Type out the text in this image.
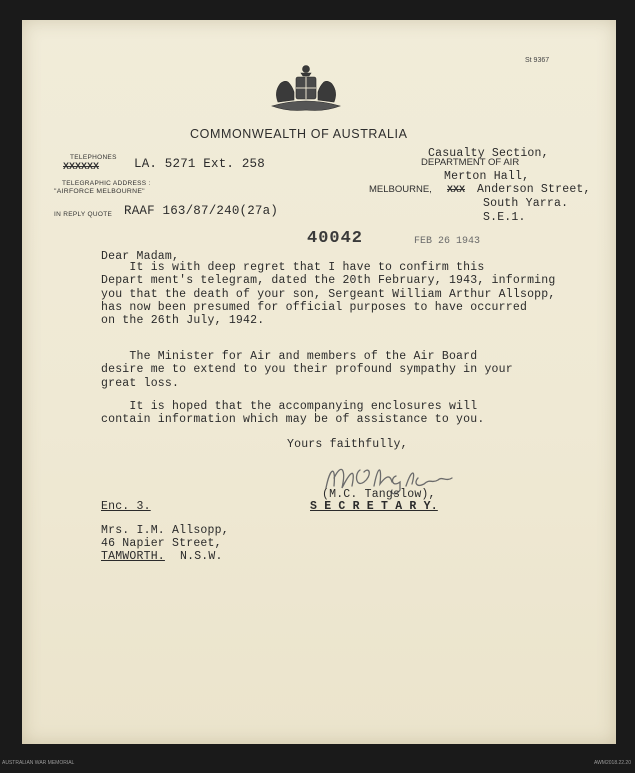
St 9367
COMMONWEALTH OF AUSTRALIA
TELEPHONES
XXXXXX	LA. 5271 Ext. 258
TELEGRAPHIC ADDRESS :
"AIRFORCE MELBOURNE"
IN REPLY QUOTE RAAF 163/87/240(27a)
Casualty Section,
DEPARTMENT OF AIR
Merton Hall,
MELBOURNE, XXX Anderson Street,
South Yarra.
S.E.1.
40042	FEB 26 1943
Dear Madam,
It is with deep regret that I have to confirm this
Depart ment's telegram, dated the 20th February, 1943, informing
you that the death of your son, Sergeant William Arthur Allsopp,
has now been presumed for official purposes to have occurred
on the 26th July, 1942.
The Minister for Air and members of the Air Board
desire me to extend to you their profound sympathy in your
great loss.
It is hoped that the accompanying enclosures will
contain information which may be of assistance to you.
Yours faithfully,
(M.C. Tangslow),
S E C R E T A R Y.
Enc. 3.
Mrs. I.M. Allsopp,
46 Napier Street,
TAMWORTH. N.S.W.
AUSTRALIAN WAR MEMORIAL	AWM2018.22.20
